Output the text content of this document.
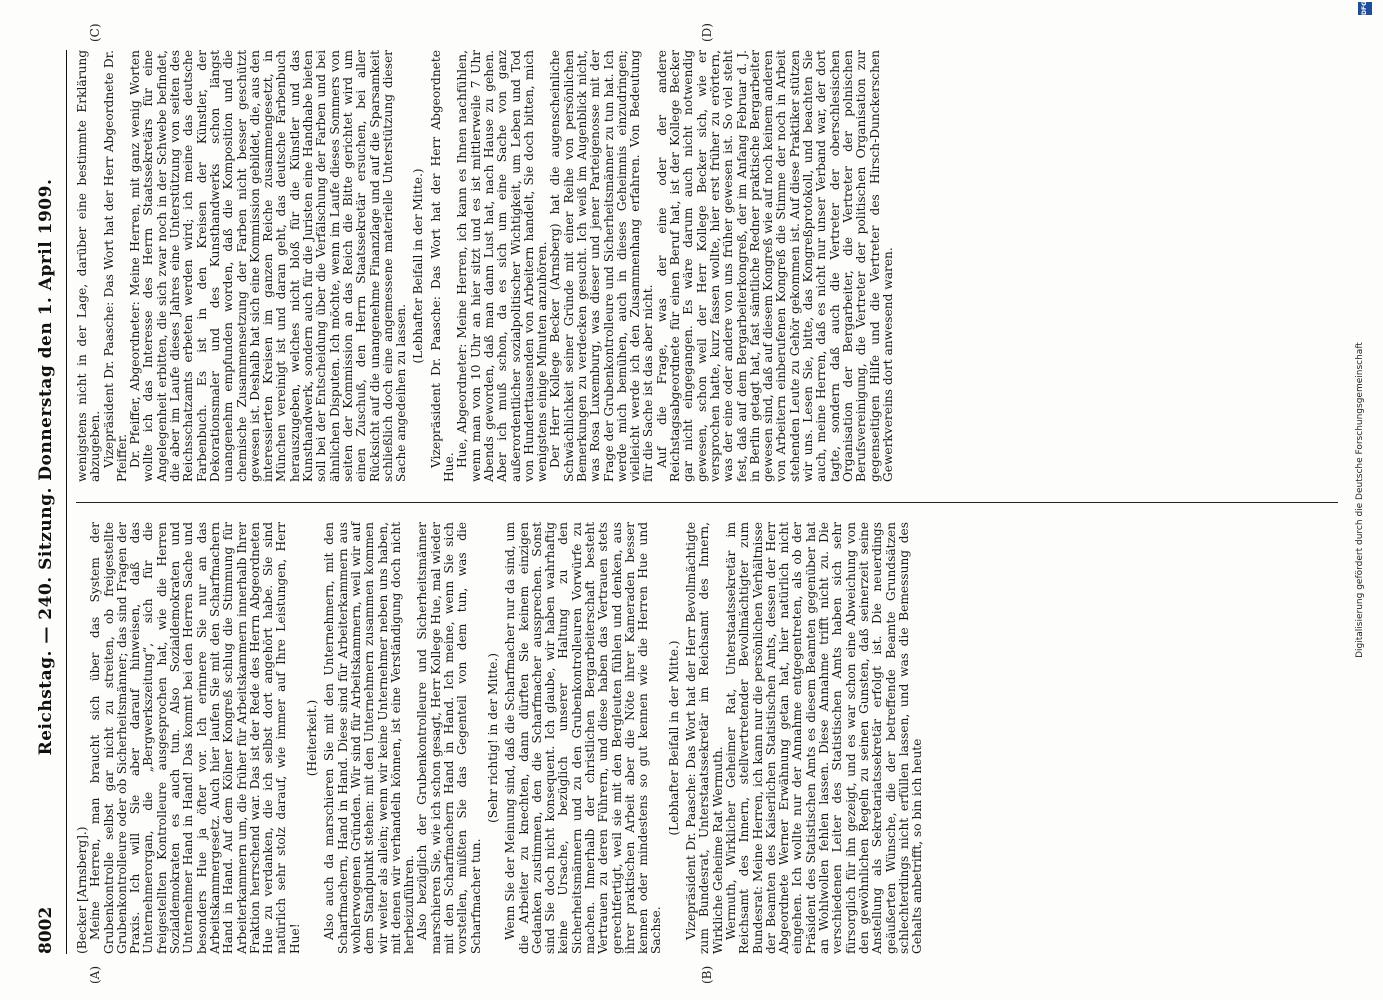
8002
Reichstag. — 240. Sitzung. Donnerstag den 1. April 1909.
(A)	(B)
(C)	(D)

(Becker [Arnsberg].) Meine Herren, man braucht sich über das System der Grubenkontrolle selbst gar nicht zu streiten, ob freigestellte Grubenkontrolleure oder ob Sicherheitsmänner; das sind Fragen der Praxis. Ich will Sie aber darauf hinweisen, daß das Unternehmerorgan, die „Bergwerkszeitung“, sich für die freigestellten Kontrolleure ausgesprochen hat, wie die Herren Sozialdemokraten es auch tun. Also Sozialdemokraten und Unternehmer Hand in Hand! Das kommt bei den Herren Sache und besonders Hue ja öfter vor. Ich erinnere Sie nur an das Arbeitskammergesetz. Auch hier laufen Sie mit den Scharfmachern Hand in Hand. Auf dem Kölner Kongreß schlug die Stimmung für Arbeiterkammern um, die früher für Arbeitskammern innerhalb Ihrer Fraktion herrschend war. Das ist der Rede des Herrn Abgeordneten Hue zu verdanken, die ich selbst dort angehört habe. Sie sind natürlich sehr stolz darauf, wie immer auf Ihre Leistungen, Herr Hue!

(Heiterkeit.) Also auch da marschieren Sie mit den Unternehmern, mit den Scharfmachern, Hand in Hand. Diese sind für Arbeiterkammern aus wohlerwogenen Gründen. Wir sind für Arbeitskammern, weil wir auf dem Standpunkt stehen: mit den Unternehmern zusammen kommen wir weiter als allein; wenn wir keine Unternehmer neben uns haben, mit denen wir verhandeln können, ist eine Verständigung doch nicht herbeizuführen. Also bezüglich der Grubenkontrolleure und Sicherheitsmänner marschieren Sie, wie ich schon gesagt, Herr Kollege Hue, mal wieder mit den Scharfmachern Hand in Hand. Ich meine, wenn Sie sich vorstellen, müßten Sie das Gegenteil von dem tun, was die Scharfmacher tun.

(Sehr richtig! in der Mitte.) Wenn Sie der Meinung sind, daß die Scharfmacher nur da sind, um die Arbeiter zu knechten, dann dürften Sie keinem einzigen Gedanken zustimmen, den die Scharfmacher aussprechen. Sonst sind Sie doch nicht konsequent. Ich glaube, wir haben wahrhaftig keine Ursache, bezüglich unserer Haltung zu den Sicherheitsmännern und zu den Grubenkontrolleuren Vorwürfe zu machen. Innerhalb der christlichen Bergarbeiterschaft besteht Vertrauen zu deren Führern, und diese haben das Vertrauen stets gerechtfertigt, weil sie mit den Bergleuten fühlen und denken, aus ihrer praktischen Arbeit aber die Nöte ihrer Kameraden besser kennen oder mindestens so gut kennen wie die Herren Hue und Sachse.

(Lebhafter Beifall in der Mitte.) Vizepräsident Dr. Paasche: Das Wort hat der Herr Bevollmächtigte zum Bundesrat, Unterstaatssekretär im Reichsamt des Innern, Wirkliche Geheime Rat Wermuth. Wermuth, Wirklicher Geheimer Rat, Unterstaatssekretär im Reichsamt des Innern, stellvertretender Bevollmächtigter zum Bundesrat: Meine Herren, ich kann nur die persönlichen Verhältnisse der Beamten des Kaiserlichen Statistischen Amts, dessen der Herr Abgeordnete Werner Erwähnung getan hat, hier natürlich nicht eingehen. Ich wollte nur der Annahme entgegentreten, als ob der Präsident des Statistischen Amts es diesem Beamten gegenüber hat an Wohlwollen fehlen lassen. Diese Annahme trifft nicht zu. Die verschiedenen Leiter des Statistischen Amts haben sich sehr fürsorglich für ihn gezeigt, und es war schon eine Abweichung von den gewöhnlichen Regeln zu seinen Gunsten, daß seinerzeit seine Anstellung als Sekretariatssekretär erfolgt ist. Die neuerdings geäußerten Wünsche, die der betreffende Beamte Grundsätzen schlechterdings nicht erfüllen lassen, und was die Bemessung des Gehalts anbetrifft, so bin ich heute

wenigstens nicht in der Lage, darüber eine bestimmte Erklärung abzugeben. Vizepräsident Dr. Paasche: Das Wort hat der Herr Abgeordnete Dr. Pfeiffer. Dr. Pfeiffer, Abgeordneter: Meine Herren, mit ganz wenig Worten wollte ich das Interesse des Herrn Staatssekretärs für eine Angelegenheit erbitten, die sich zwar noch in der Schwebe befindet, die aber im Laufe dieses Jahres eine Unterstützung von seiten des Reichsschatzamts erbeten werden wird; ich meine das deutsche Farbenbuch. Es ist in den Kreisen der Künstler, der Dekorationsmaler und des Kunsthandwerks schon längst unangenehm empfunden worden, daß die Komposition und die chemische Zusammensetzung der Farben nicht besser geschützt gewesen ist. Deshalb hat sich eine Kommission gebildet, die, aus den interessierten Kreisen im ganzen Reiche zusammengesetzt, in München vereinigt ist und daran geht, das deutsche Farbenbuch herauszugeben, welches nicht bloß für die Künstler und das Kunsthandwerk, sondern auch für die Juristen eine Handhabe bieten soll bei der Entscheidung über die Verfälschung der Farben und bei ähnlichen Disputen. Ich möchte, wenn im Laufe dieses Sommers von seiten der Kommission an das Reich die Bitte gerichtet wird um einen Zuschuß, den Herrn Staatssekretär ersuchen, bei aller Rücksicht auf die unangenehme Finanzlage und auf die Sparsamkeit schließlich doch eine angemessene materielle Unterstützung dieser Sache angedeihen zu lassen.

(Lebhafter Beifall in der Mitte.) Vizepräsident Dr. Paasche: Das Wort hat der Herr Abgeordnete Hue. Hue, Abgeordneter: Meine Herren, ich kann es Ihnen nachfühlen, wenn man von 10 Uhr an hier sitzt und es ist mittlerweile 7 Uhr Abends geworden, daß man dann Lust hat, nach Hause zu gehen. Aber ich muß schon, da es sich um eine Sache von ganz außerordentlicher sozialpolitischer Wichtigkeit, um Leben und Tod von Hunderttausenden von Arbeitern handelt, Sie doch bitten, mich wenigstens einige Minuten anzuhören. Der Herr Kollege Becker (Arnsberg) hat die augenscheinliche Schwächlichkeit seiner Gründe mit einer Reihe von persönlichen Bemerkungen zu verdecken gesucht. Ich weiß im Augenblick nicht, was Rosa Luxemburg, was dieser und jener Parteigenosse mit der Frage der Grubenkontrolleure und Sicherheitsmänner zu tun hat. Ich werde mich bemühen, auch in dieses Geheimnis einzudringen; vielleicht werde ich den Zusammenhang erfahren. Von Bedeutung für die Sache ist das aber nicht. Auf die Frage, was der eine oder der andere Reichstagsabgeordnete für einen Beruf hat, ist der Kollege Becker gar nicht eingegangen. Es wäre darum auch nicht notwendig gewesen, schon weil der Herr Kollege Becker sich, wie er versprochen hatte, kurz fassen wollte, hier erst früher zu erörtern, was der eine oder andere von uns früher gewesen ist. So viel steht fest, daß auf dem Bergarbeiterkongreß, der im Anfang Februar d. J. in Berlin getagt hat, fast sämtliche Redner praktische Bergarbeiter gewesen sind, daß auf diesem Kongreß wie auf noch keinem anderen von Arbeitern einberufenen Kongreß die Stimme der noch in Arbeit stehenden Leute zu Gehör gekommen ist. Auf diese Praktiker stützen wir uns. Lesen Sie, bitte, das Kongreßprotokoll, und beachten Sie auch, meine Herren, daß es nicht nur unser Verband war, der dort tagte, sondern daß auch die Vertreter der oberschlesischen Organisation der Bergarbeiter, die Vertreter der polnischen Berufsvereinigung, die Vertreter der politischen Organisation zur gegenseitigen Hilfe und die Vertreter des Hirsch-Dunckerschen Gewerkvereins dort anwesend waren.	Digitalisierung gefördert durch die Deutsche Forschungsgemeinschaft
DFG
